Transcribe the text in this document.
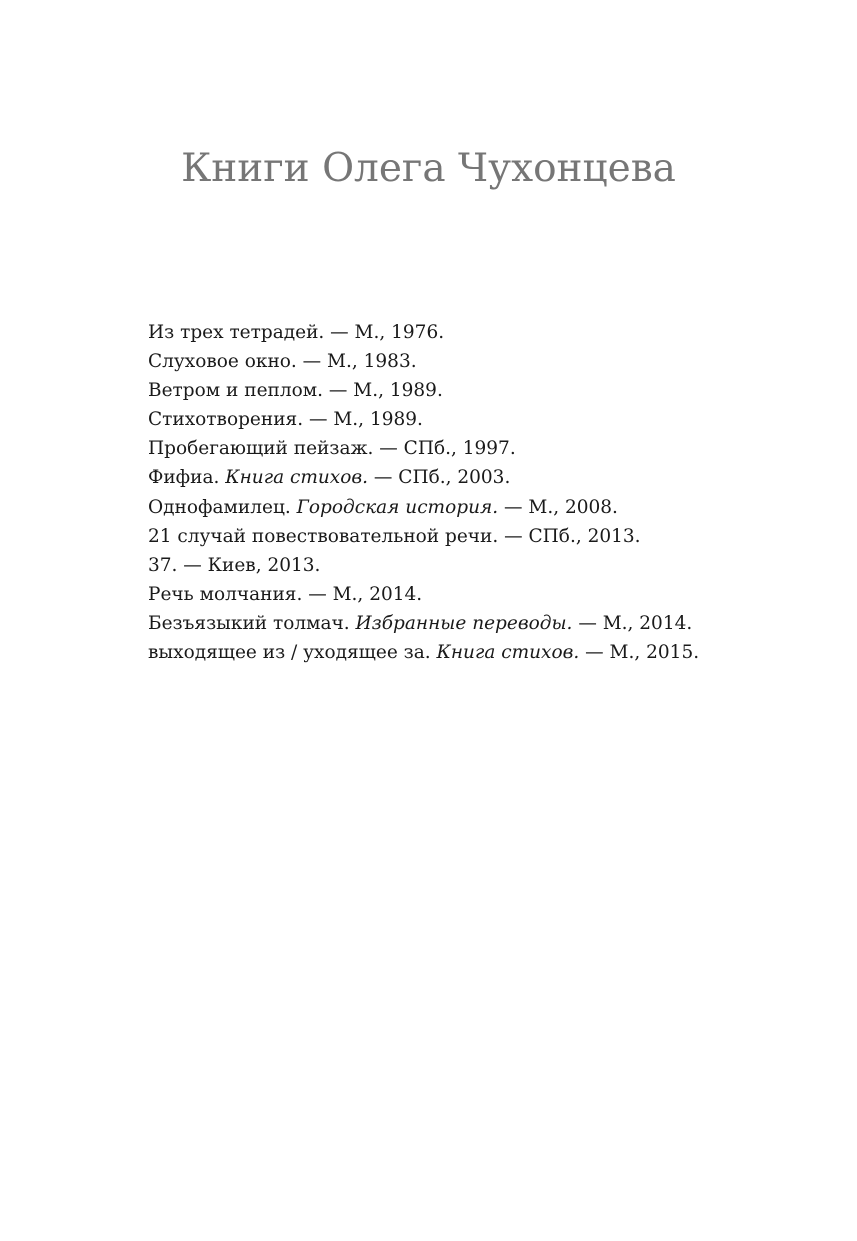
Книги Олега Чухонцева
Из трех тетрадей. — М., 1976.
Слуховое окно. — М., 1983.
Ветром и пеплом. — М., 1989.
Стихотворения. — М., 1989.
Пробегающий пейзаж. — СПб., 1997.
Фифиа. Книга стихов. — СПб., 2003.
Однофамилец. Городская история. — М., 2008.
21 случай повествовательной речи. — СПб., 2013.
37. — Киев, 2013.
Речь молчания. — М., 2014.
Безъязыкий толмач. Избранные переводы. — М., 2014.
выходящее из / уходящее за. Книга стихов. — М., 2015.
